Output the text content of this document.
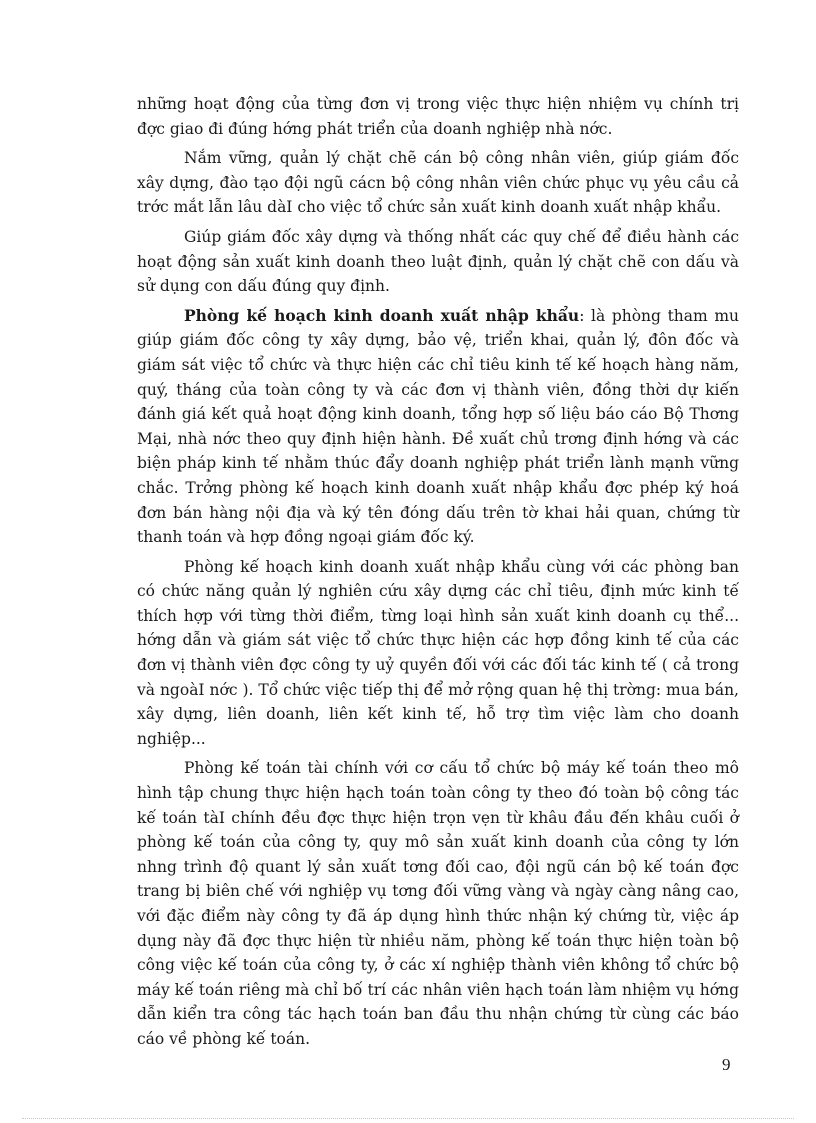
những hoạt động của từng đơn vị trong việc thực hiện nhiệm vụ chính trị đợc giao đi đúng hớng phát triển của doanh nghiệp nhà nớc.

Nắm vững, quản lý chặt chẽ cán bộ công nhân viên, giúp giám đốc xây dựng, đào tạo đội ngũ cácn bộ công nhân viên chức phục vụ yêu cầu cả trớc mắt lẫn lâu dàI cho việc tổ chức sản xuất kinh doanh xuất nhập khẩu.

Giúp giám đốc xây dựng và thống nhất các quy chế để điều hành các hoạt động sản xuất kinh doanh theo luật định, quản lý chặt chẽ con dấu và sử dụng con dấu đúng quy định.

Phòng kế hoạch kinh doanh xuất nhập khẩu: là phòng tham mu giúp giám đốc công ty xây dựng, bảo vệ, triển khai, quản lý, đôn đốc và giám sát việc tổ chức và thực hiện các chỉ tiêu kinh tế kế hoạch hàng năm, quý, tháng của toàn công ty và các đơn vị thành viên, đồng thời dự kiến đánh giá kết quả hoạt động kinh doanh, tổng hợp số liệu báo cáo Bộ Thơng Mại, nhà nớc theo quy định hiện hành. Đề xuất chủ trơng định hớng và các biện pháp kinh tế nhằm thúc đẩy doanh nghiệp phát triển lành mạnh vững chắc. Trởng phòng kế hoạch kinh doanh xuất nhập khẩu đợc phép ký hoá đơn bán hàng nội địa và ký tên đóng dấu trên tờ khai hải quan, chứng từ thanh toán và hợp đồng ngoại giám đốc ký.

Phòng kế hoạch kinh doanh xuất nhập khẩu cùng với các phòng ban có chức năng quản lý nghiên cứu xây dựng các chỉ tiêu, định mức kinh tế thích hợp với từng thời điểm, từng loại hình sản xuất kinh doanh cụ thể... hớng dẫn và giám sát việc tổ chức thực hiện các hợp đồng kinh tế của các đơn vị thành viên đợc công ty uỷ quyền đối với các đối tác kinh tế ( cả trong và ngoàI nớc ). Tổ chức việc tiếp thị để mở rộng quan hệ thị trờng: mua bán, xây dựng, liên doanh, liên kết kinh tế, hỗ trợ tìm việc làm cho doanh nghiệp...

Phòng kế toán tài chính với cơ cấu tổ chức bộ máy kế toán theo mô hình tập chung thực hiện hạch toán toàn công ty theo đó toàn bộ công tác kế toán tàI chính đều đợc thực hiện trọn vẹn từ khâu đầu đến khâu cuối ở phòng kế toán của công ty, quy mô sản xuất kinh doanh của công ty lớn nhng trình độ quant lý sản xuất tơng đối cao, đội ngũ cán bộ kế toán đợc trang bị biên chế với nghiệp vụ tơng đối vững vàng và ngày càng nâng cao, với đặc điểm này công ty đã áp dụng hình thức nhận ký chứng từ, việc áp dụng này đã đợc thực hiện từ nhiều năm, phòng kế toán thực hiện toàn bộ công việc kế toán của công ty, ở các xí nghiệp thành viên không tổ chức bộ máy kế toán riêng mà chỉ bố trí các nhân viên hạch toán làm nhiệm vụ hớng dẫn kiển tra công tác hạch toán ban đầu thu nhận chứng từ cùng các báo cáo về phòng kế toán.

9
